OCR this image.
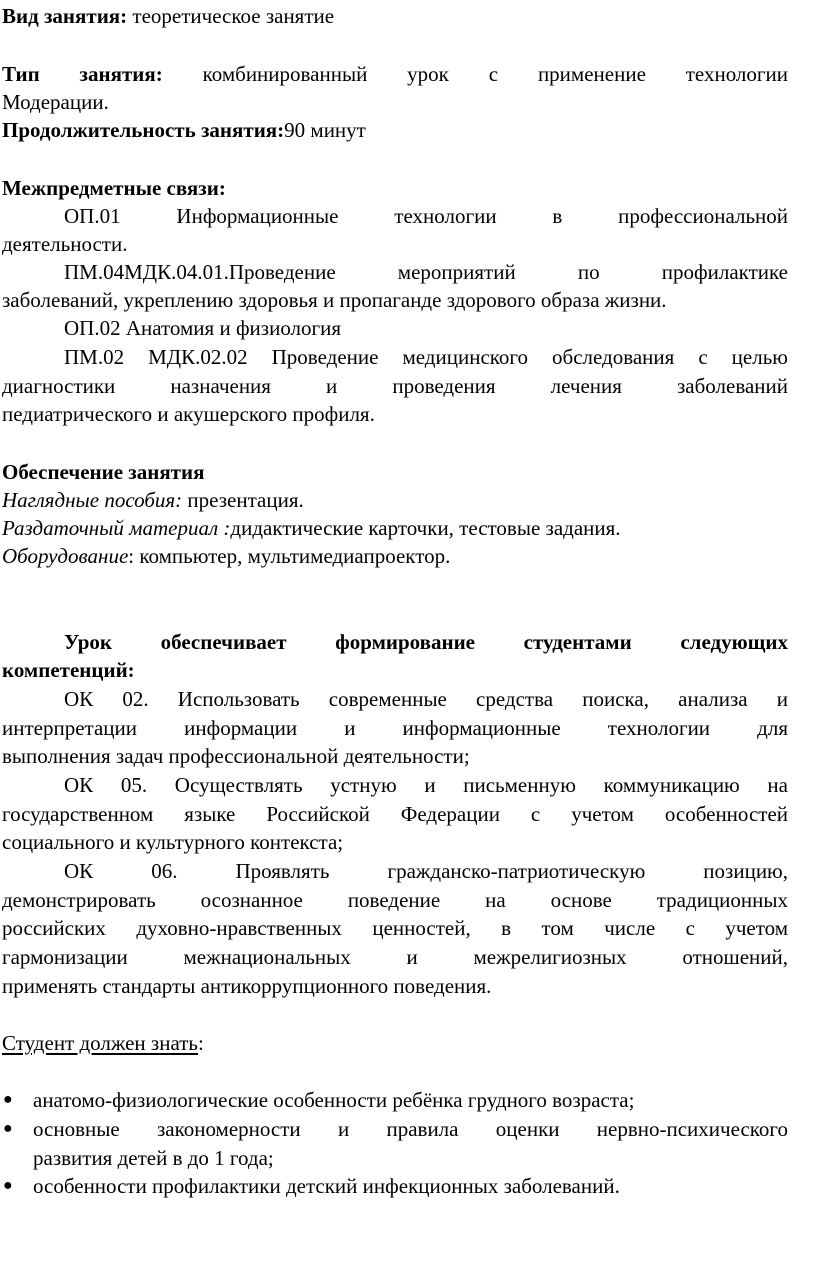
Вид занятия: теоретическое занятие
Тип занятия: комбинированный урок с применение технологии
Модерации.
Продолжительность занятия:90 минут
Межпредметные связи:
ОП.01 Информационные технологии в профессиональной
деятельности.
ПМ.04МДК.04.01.Проведение мероприятий по профилактике
заболеваний, укреплению здоровья и пропаганде здорового образа жизни.
ОП.02 Анатомия и физиология
ПМ.02 МДК.02.02 Проведение медицинского обследования с целью
диагностики назначения и проведения лечения заболеваний
педиатрического и акушерского профиля.
Обеспечение занятия
Наглядные пособия: презентация.
Раздаточный материал :дидактические карточки, тестовые задания.
Оборудование: компьютер, мультимедиапроектор.
Урок обеспечивает формирование студентами следующих
компетенций:
ОК 02. Использовать современные средства поиска, анализа и
интерпретации информации и информационные технологии для
выполнения задач профессиональной деятельности;
ОК 05. Осуществлять устную и письменную коммуникацию на
государственном языке Российской Федерации с учетом особенностей
социального и культурного контекста;
ОК 06. Проявлять гражданско-патриотическую позицию,
демонстрировать осознанное поведение на основе традиционных
российских духовно-нравственных ценностей, в том числе с учетом
гармонизации межнациональных и межрелигиозных отношений,
применять стандарты антикоррупционного поведения.
Студент должен знать:
● анатомо-физиологические особенности ребёнка грудного возраста;
● основные закономерности и правила оценки нервно-психического
развития детей в до 1 года;
● особенности профилактики детский инфекционных заболеваний.
